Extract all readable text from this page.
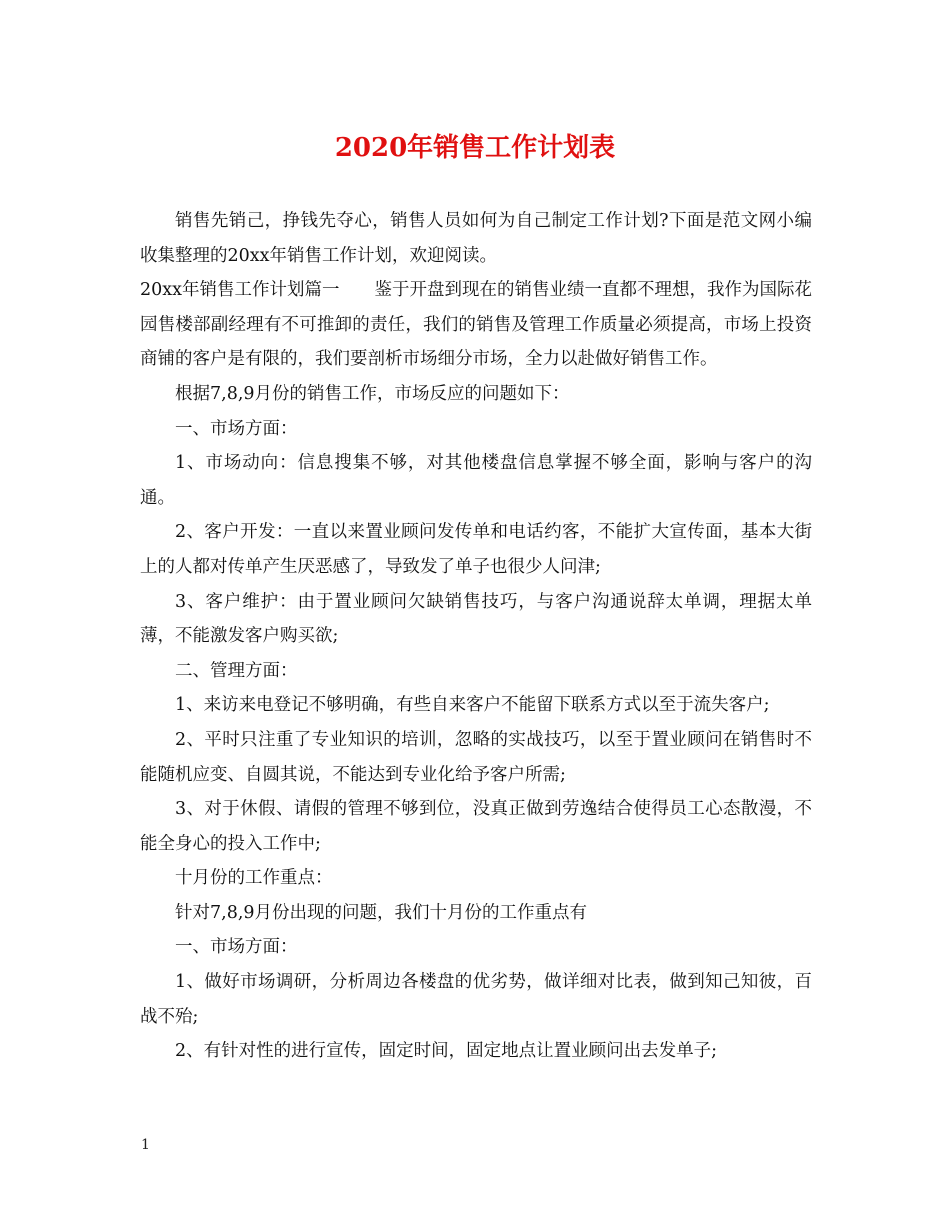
2020年销售工作计划表

销售先销己，挣钱先夺心，销售人员如何为自己制定工作计划?下面是范文网小编收集整理的20xx年销售工作计划，欢迎阅读。

20xx年销售工作计划篇一　　鉴于开盘到现在的销售业绩一直都不理想，我作为国际花园售楼部副经理有不可推卸的责任，我们的销售及管理工作质量必须提高，市场上投资商铺的客户是有限的，我们要剖析市场细分市场，全力以赴做好销售工作。

根据7,8,9月份的销售工作，市场反应的问题如下：

一、市场方面：

1、市场动向：信息搜集不够，对其他楼盘信息掌握不够全面，影响与客户的沟通。

2、客户开发：一直以来置业顾问发传单和电话约客，不能扩大宣传面，基本大街上的人都对传单产生厌恶感了，导致发了单子也很少人问津;

3、客户维护：由于置业顾问欠缺销售技巧，与客户沟通说辞太单调，理据太单薄，不能激发客户购买欲;

二、管理方面：

1、来访来电登记不够明确，有些自来客户不能留下联系方式以至于流失客户;

2、平时只注重了专业知识的培训，忽略的实战技巧，以至于置业顾问在销售时不能随机应变、自圆其说，不能达到专业化给予客户所需;

3、对于休假、请假的管理不够到位，没真正做到劳逸结合使得员工心态散漫，不能全身心的投入工作中;

十月份的工作重点：

针对7,8,9月份出现的问题，我们十月份的工作重点有

一、市场方面：

1、做好市场调研，分析周边各楼盘的优劣势，做详细对比表，做到知己知彼，百战不殆;

2、有针对性的进行宣传，固定时间，固定地点让置业顾问出去发单子;

1
